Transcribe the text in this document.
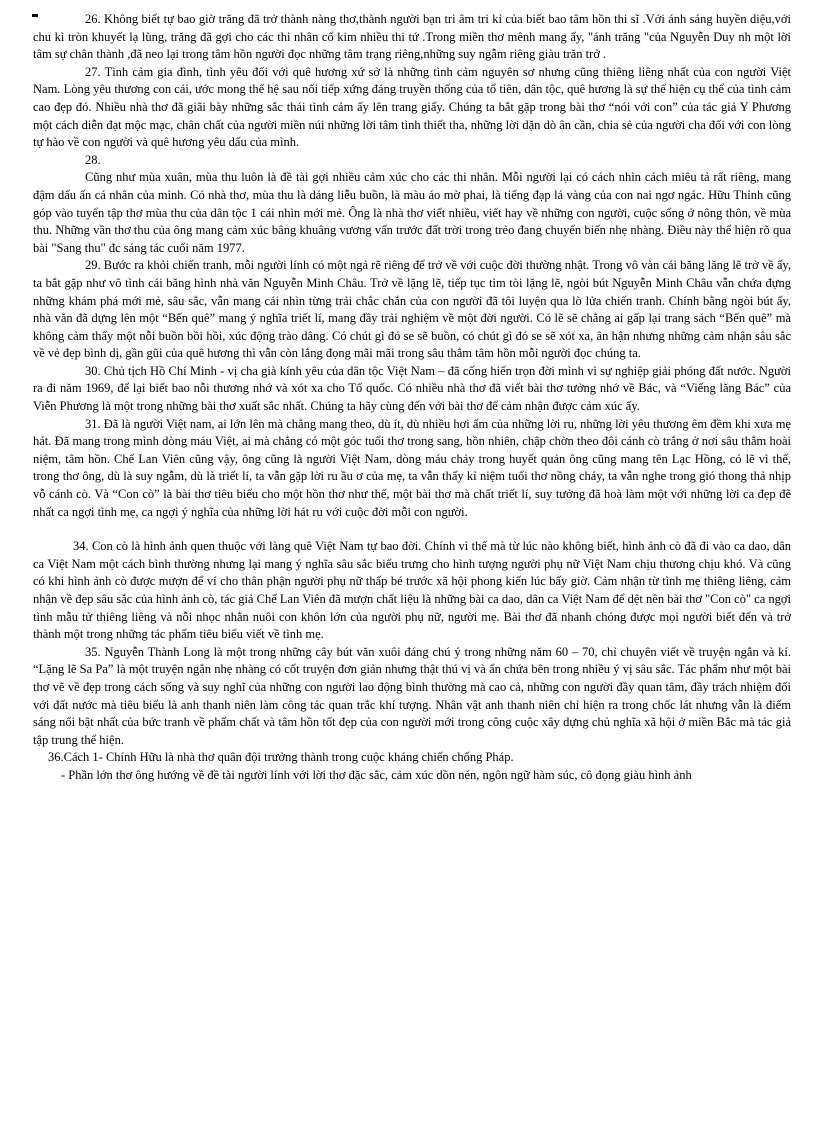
26. Không biết tự bao giờ trăng đã trở thành nàng thơ,thành người bạn tri âm tri kỉ của biết bao tâm hồn thi sĩ .Với ánh sáng huyền diệu,với chu kì tròn khuyết lạ lùng, trăng đã gợi cho các thi nhân cổ kim nhiều thi tứ .Trong miền thơ mênh mang ấy, "ánh trăng "của Nguyễn Duy nh một lời tâm sự chân thành ,đã neo lại trong tâm hồn người đọc những tâm trạng riêng,những suy ngẫm riêng giàu trăn trở .

27. Tình cảm gia đình, tình yêu đối với quê hương xứ sở là những tình cảm nguyên sơ nhưng cũng thiêng liêng nhất của con người Việt Nam. Lòng yêu thương con cái, ước mong thế hệ sau nối tiếp xứng đáng truyền thống của tổ tiên, dân tộc, quê hương là sự thể hiện cụ thể của tình cảm cao đẹp đó. Nhiều nhà thơ đã giãi bày những sắc thái tình cảm ấy lên trang giấy. Chúng ta bắt gặp trong bài thơ “nói với con” của tác giả Y Phương một cách diễn đạt mộc mạc, chân chất của người miền núi những lời tâm tình thiết tha, những lời dặn dò ân cần, chia sẻ của người cha đối với con lòng tự hào về con người và quê hương yêu dấu của mình.

28.

Cũng như mùa xuân, mùa thu luôn là đề tài gợi nhiều cảm xúc cho các thi nhân. Mỗi người lại có cách nhìn cách miêu tả rất riêng, mang đậm dấu ấn cá nhân của mình. Có nhà thơ, mùa thu là dáng liễu buồn, là màu áo mờ phai, là tiếng đạp lá vàng của con nai ngơ ngác. Hữu Thỉnh cũng góp vào tuyển tập thơ mùa thu của dân tộc 1 cái nhìn mới mẻ. Ông là nhà thơ viết nhiều, viết hay về những con người, cuộc sống ở nông thôn, về mùa thu. Những vần thơ thu của ông mang cảm xúc bâng khuâng vương vấn trước đất trời trong trẻo đang chuyển biến nhẹ nhàng. Điều này thể hiện rõ qua bài "Sang thu" đc sáng tác cuối năm 1977.

29. Bước ra khỏi chiến tranh, mỗi người lính có một ngả rẽ riêng để trở về với cuộc đời thường nhật. Trong vô vàn cái băng lăng lẽ trở về ấy, ta bắt gặp như vô tình cái băng hình nhà văn Nguyễn Minh Châu. Trở về lặng lẽ, tiếp tục tìm tòi lặng lẽ, ngòi bút Nguyễn Minh Châu vẫn chứa đựng những khám phá mới mẻ, sâu sắc, vẫn mang cái nhìn từng trải chắc chắn của con người đã tôi luyện qua lò lửa chiến tranh. Chính bằng ngòi bút ấy, nhà văn đã dựng lên một “Bến quê” mang ý nghĩa triết lí, mang đầy trải nghiệm về một đời người. Có lẽ sẽ chẳng ai gấp lại trang sách “Bến quê” mà không cảm thấy một nỗi buồn bồi hồi, xúc động trào dâng. Có chút gì đó se sẽ buồn, có chút gì đó se sẽ xót xa, ân hận nhưng những cảm nhận sâu sắc về vẻ đẹp bình dị, gần gũi của quê hương thì vẫn còn lắng đọng mãi mãi trong sâu thẳm tâm hồn mỗi người đọc chúng ta.

30. Chủ tịch Hồ Chí Minh - vị cha già kính yêu của dân tộc Việt Nam – đã cống hiến trọn đời mình vì sự nghiệp giải phóng đất nước. Người ra đi năm 1969, để lại biết bao nỗi thương nhớ và xót xa cho Tổ quốc. Có nhiều nhà thơ đã viết bài thơ tưởng nhớ về Bác, và “Viếng lăng Bác” của Viễn Phương là một trong những bài thơ xuất sắc nhất. Chúng ta hãy cùng đến với bài thơ để cảm nhận được cảm xúc ấy.

31. Đã là người Việt nam, ai lớn lên mà chẳng mang theo, dù ít, dù nhiều hơi ấm của những lời ru, những lời yêu thương êm đềm khi xưa mẹ hát. Đã mang trong mình dòng máu Việt, ai mà chẳng có một góc tuổi thơ trong sang, hồn nhiên, chập chờn theo đôi cánh cò trắng ở nơi sâu thẳm hoài niệm, tâm hồn. Chế Lan Viên cũng vậy, ông cũng là người Việt Nam, dòng máu chảy trong huyết quản ông cũng mang tên Lạc Hồng, có lẽ vì thế, trong thơ ông, dù là suy ngẫm, dù là triết lí, ta vẫn gặp lời ru ầu ơ của mẹ, ta vẫn thấy kỉ niệm tuổi thơ nồng cháy, ta vẫn nghe trong gió thong thả nhịp vỗ cánh cò. Và “Con cò” là bài thơ tiêu biểu cho một hồn thơ như thế, một bài thơ mà chất triết lí, suy tưởng đã hoà làm một với những lời ca đẹp đẽ nhất ca ngợi tình mẹ, ca ngợi ý nghĩa của những lời hát ru với cuộc đời mỗi con người.

34. Con cò là hình ảnh quen thuộc với làng quê Việt Nam tự bao đời. Chính vì thế mà từ lúc nào không biết, hình ảnh cò đã đi vào ca dao, dân ca Việt Nam một cách bình thường nhưng lại mang ý nghĩa sâu sắc biểu trưng cho hình tượng người phụ nữ Việt Nam chịu thương chịu khó. Và cũng có khi hình ảnh cò được mượn để ví cho thân phận người phụ nữ thấp bé trước xã hội phong kiến lúc bấy giờ. Cảm nhận từ tình mẹ thiêng liêng, cảm nhận về đẹp sâu sắc của hình ảnh cò, tác giả Chế Lan Viên đã mượn chất liệu là những bài ca dao, dân ca Việt Nam để dệt nên bài thơ "Con cò" ca ngợi tình mẫu tử thiêng liêng và nỗi nhọc nhằn nuôi con khôn lớn của người phụ nữ, người mẹ. Bài thơ đã nhanh chóng được mọi người biết đến và trở thành một trong những tác phẩm tiêu biểu viết về tình mẹ.

35. Nguyễn Thành Long là một trong những cây bút văn xuôi đáng chú ý trong những năm 60 – 70, chỉ chuyên viết về truyện ngắn và kí. “Lặng lẽ Sa Pa” là một truyện ngắn nhẹ nhàng có cốt truyện đơn giản nhưng thật thú vị và ẩn chứa bên trong nhiều ý vị sâu sắc. Tác phẩm như một bài thơ vẽ về đẹp trong cách sống và suy nghĩ của những con người lao động bình thường mà cao cả, những con người đầy quan tâm, đầy trách nhiệm đối với đất nước mà tiêu biểu là anh thanh niên làm công tác quan trắc khí tượng. Nhân vật anh thanh niên chỉ hiện ra trong chốc lát nhưng vẫn là điểm sáng nổi bật nhất của bức tranh về phẩm chất và tâm hồn tốt đẹp của con người mới trong công cuộc xây dựng chủ nghĩa xã hội ở miền Bắc mà tác giả tập trung thể hiện.

36.Cách 1- Chính Hữu là nhà thơ quân đội trưởng thành trong cuộc kháng chiến chống Pháp.

- Phần lớn thơ ông hướng về đề tài người lính với lời thơ đặc sắc, cảm xúc dồn nén, ngôn ngữ hàm súc, cô đọng giàu hình ảnh
